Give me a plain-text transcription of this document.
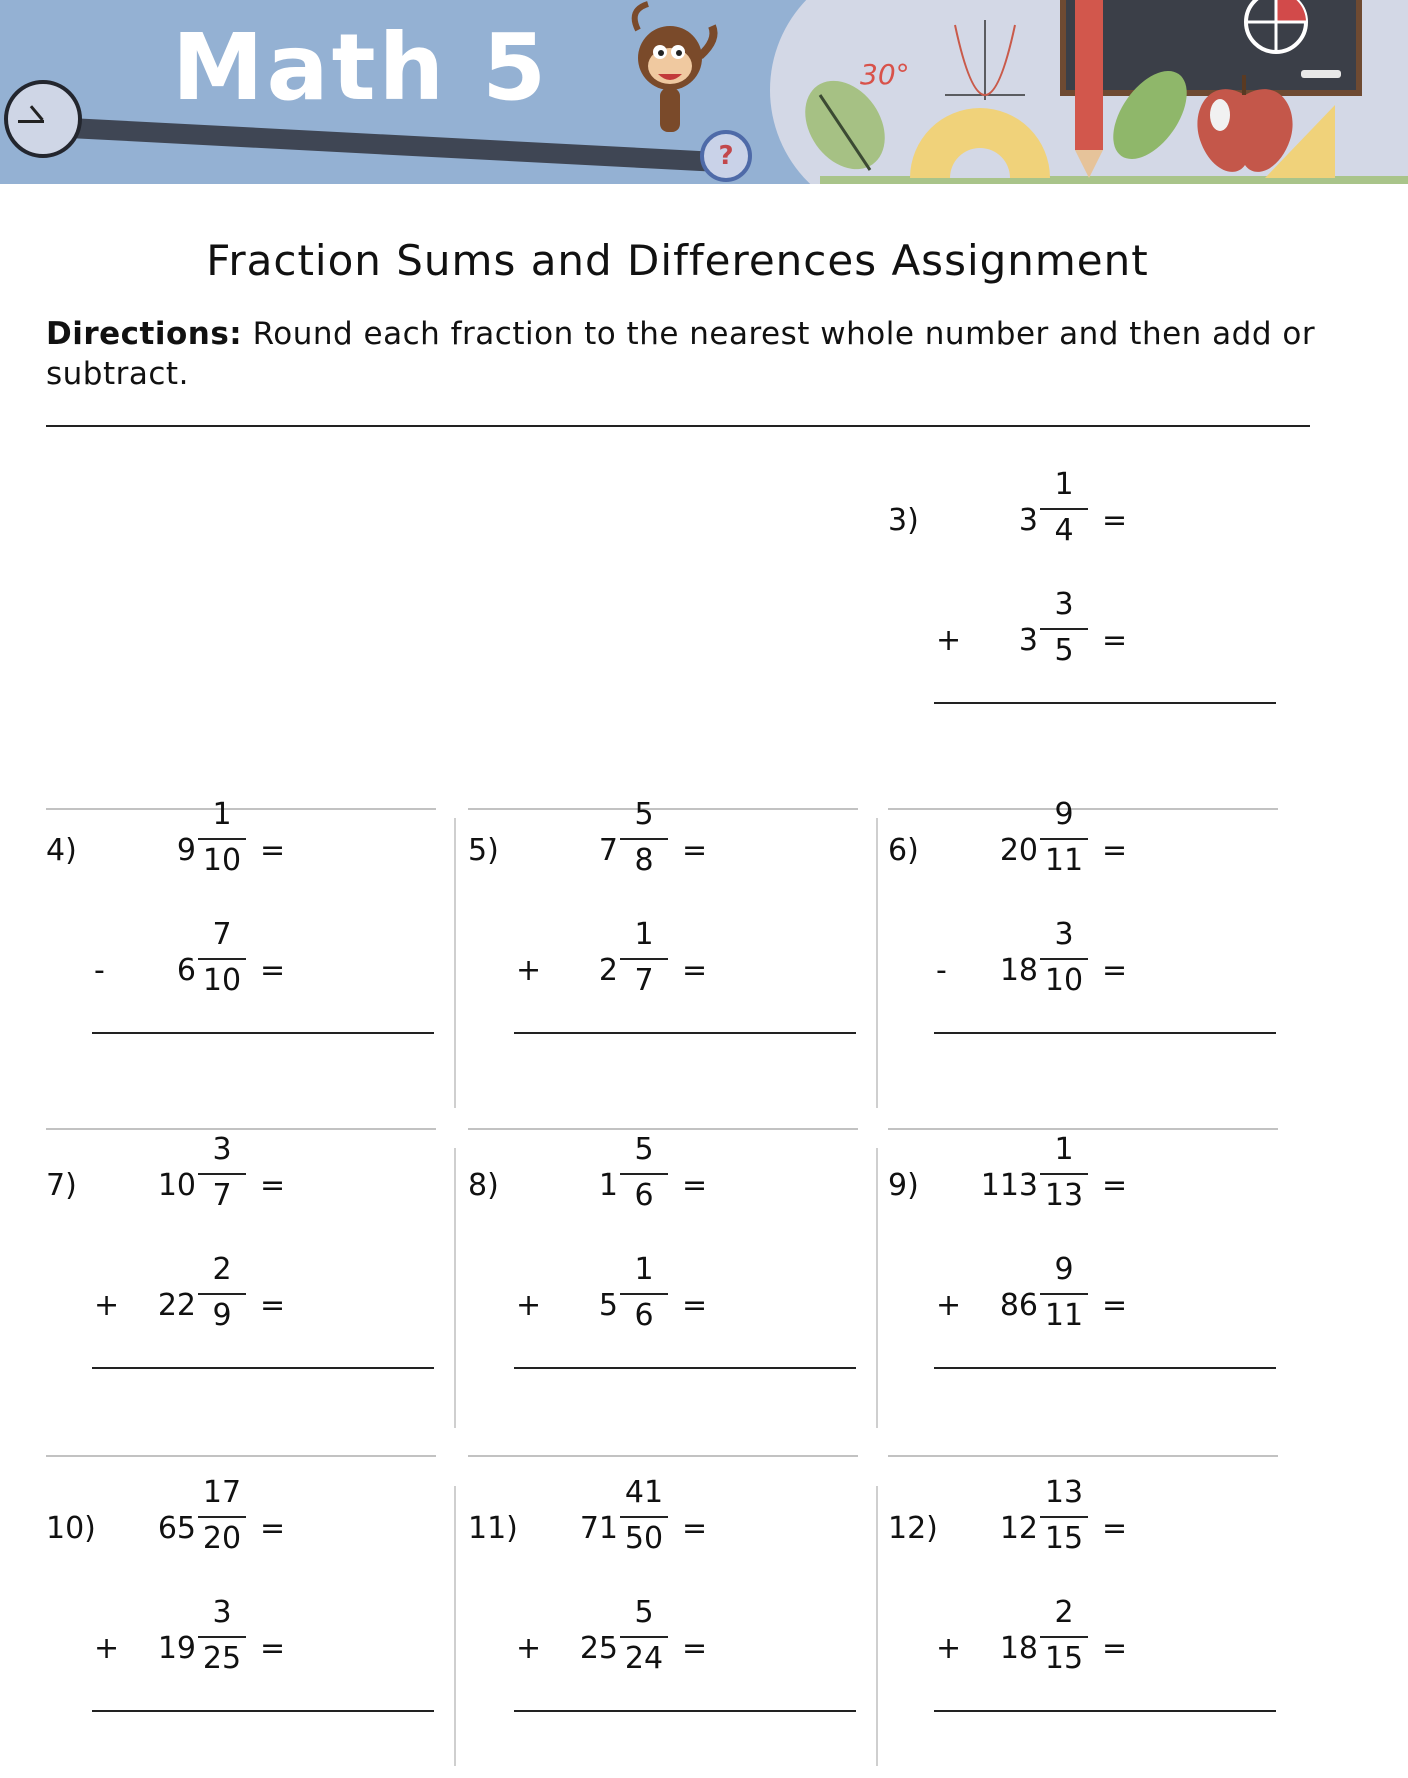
Math 5
?
30°
Fraction Sums and Differences Assignment
Directions: Round each fraction to the nearest whole number and then add or subtract.
3)	3
1
4 =
+	3
3
5 =
4)	9
1
10 =
-	6
7
10 =
5)	7
5
8 =
+	2
1
7 =
6)	20
9
11 =
-	18
3
10 =
7)	10
3
7 =
+	22
2
9 =
8)	1
5
6 =
+	5
1
6 =
9) 113
1
13 =
+	86
9
11 =
10)	65
17
20 =
+	19
3
25 =
11)	71
41
50 =
+	25
5
24 =
12)	12
13
15 =
+	18
2
15 =
